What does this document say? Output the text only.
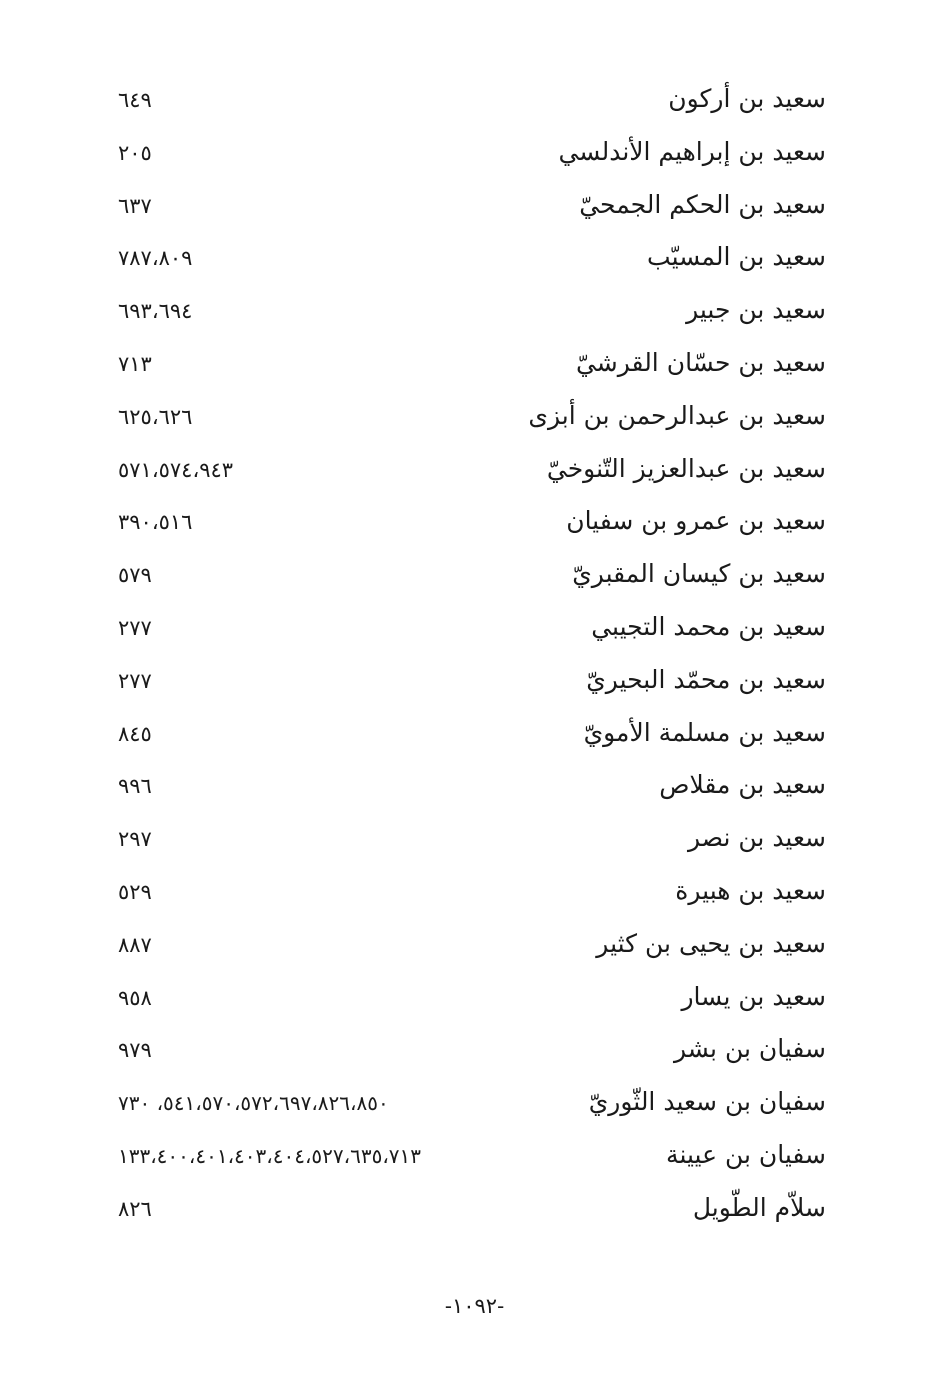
سعيد بن أركون
٦٤٩
سعيد بن إبراهيم الأندلسي
٢٠٥
سعيد بن الحكم الجمحيّ
٦٣٧
سعيد بن المسيّب
٧٨٧،٨٠٩
سعيد بن جبير
٦٩٣،٦٩٤
سعيد بن حسّان القرشيّ
٧١٣
سعيد بن عبدالرحمن بن أبزى
٦٢٥،٦٢٦
سعيد بن عبدالعزيز التّنوخيّ
٥٧١،٥٧٤،٩٤٣
سعيد بن عمرو بن سفيان
٣٩٠،٥١٦
سعيد بن كيسان المقبريّ
٥٧٩
سعيد بن محمد التجيبي
٢٧٧
سعيد بن محمّد البحيريّ
٢٧٧
سعيد بن مسلمة الأمويّ
٨٤٥
سعيد بن مقلاص
٩٩٦
سعيد بن نصر
٢٩٧
سعيد بن هبيرة
٥٢٩
سعيد بن يحيى بن كثير
٨٨٧
سعيد بن يسار
٩٥٨
سفيان بن بشر
٩٧٩
سفيان بن سعيد الثّوريّ
٥٤١،٥٧٠،٥٧٢،٦٩٧،٨٢٦،٨٥٠، ٧٣٠
سفيان بن عيينة
١٣٣،٤٠٠،٤٠١،٤٠٣،٤٠٤،٥٢٧،٦٣٥،٧١٣
سلاّم الطّويل
٨٢٦
-١٠٩٢-
